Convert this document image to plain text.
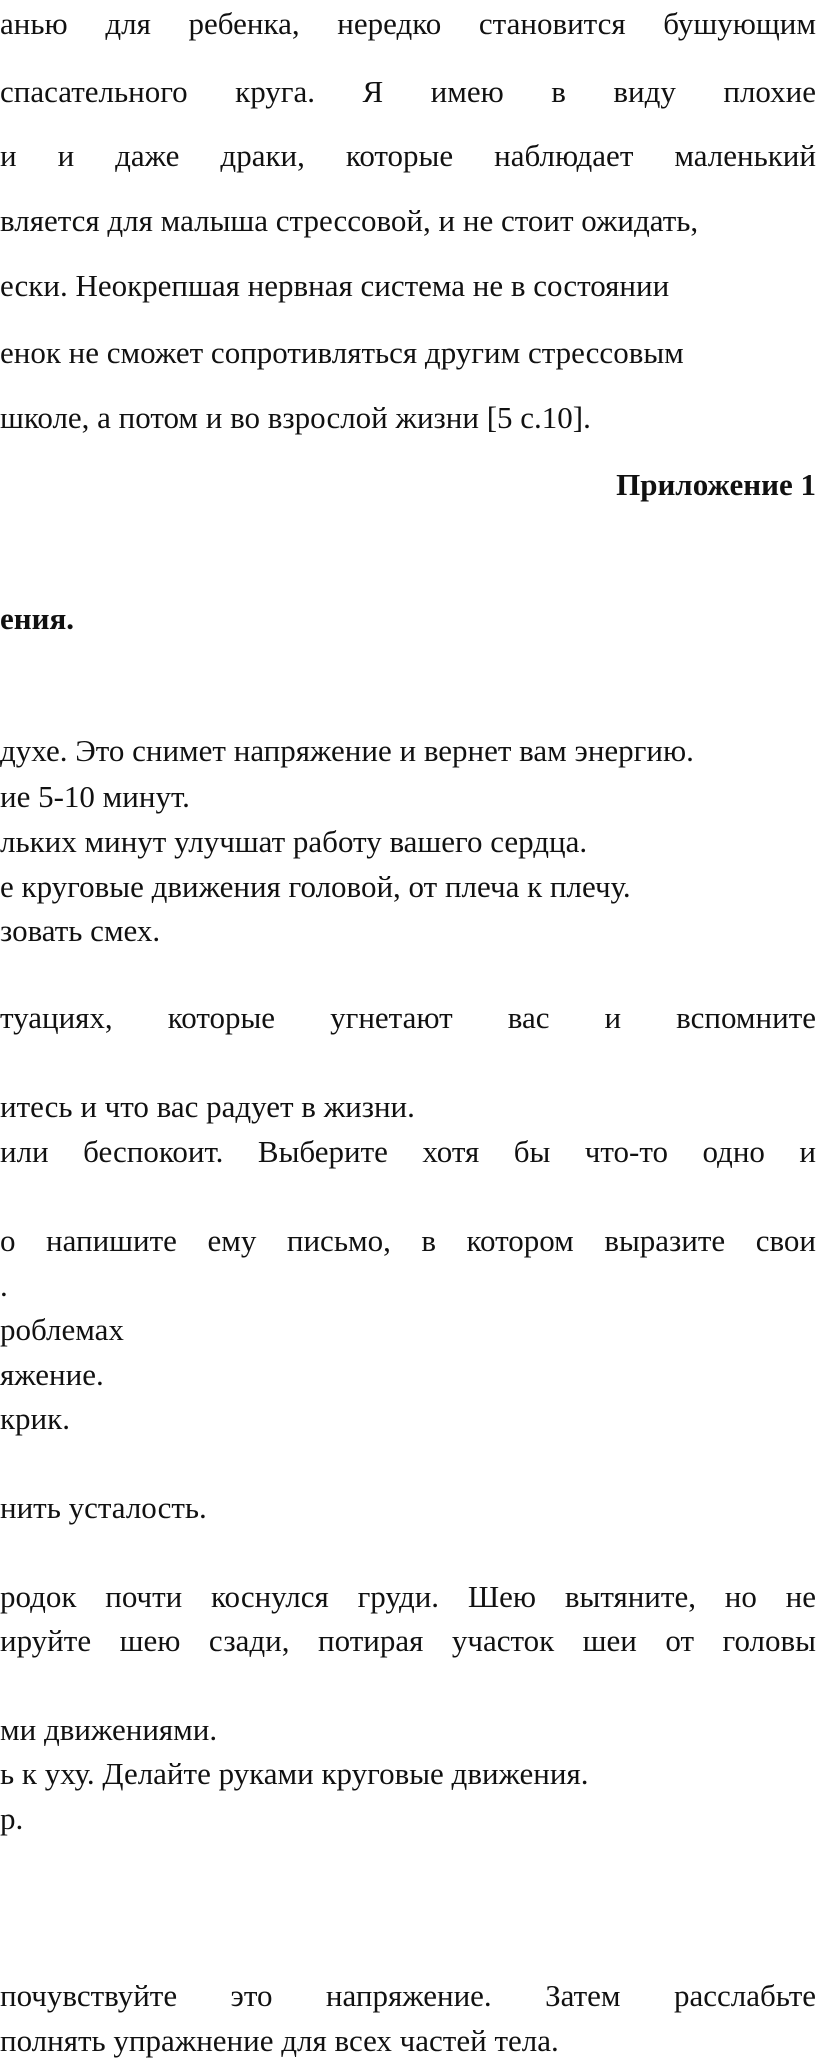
анью для ребенка, нередко становится бушующим
спасательного круга. Я имею в виду плохие
и и даже драки, которые наблюдает маленький
вляется для малыша стрессовой, и не стоит ожидать,
ески. Неокрепшая нервная система не в состоянии
енок не сможет сопротивляться другим стрессовым
школе, а потом и во взрослой жизни [5 с.10].
Приложение 1
ения.
духе. Это снимет напряжение и вернет вам энергию.
ие 5-10 минут.
льких минут улучшат работу вашего сердца.
е круговые движения головой, от плеча к плечу.
зовать смех.
туациях, которые угнетают вас и вспомните
итесь и что вас радует в жизни.
или беспокоит. Выберите хотя бы что-то одно и
о напишите ему письмо, в котором выразите свои
.
роблемах
яжение.
крик.
нить усталость.
родок почти коснулся груди. Шею вытяните, но не
ируйте шею сзади, потирая участок шеи от головы
ми движениями.
ь к уху. Делайте руками круговые движения.
р.
почувствуйте это напряжение. Затем расслабьте
полнять упражнение для всех частей тела.
